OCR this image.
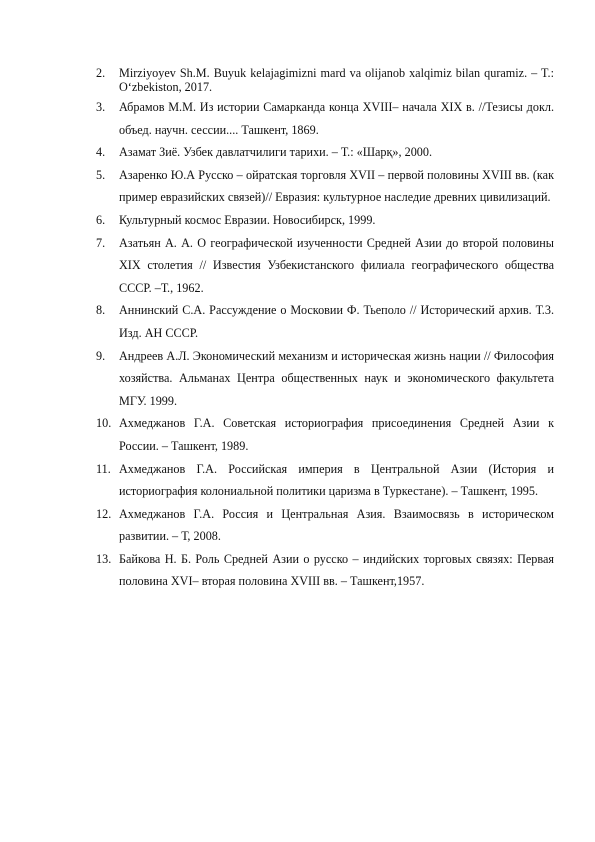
2. Mirziyoyev Sh.M. Buyuk kelajagimizni mard va olijanob xalqimiz bilan quramiz. – T.: O‘zbekiston, 2017.

3. Абрамов М.М. Из истории Самарканда конца XVIII– начала XIX в. //Тезисы докл. объед. научн. сессии.... Ташкент, 1869.

4. Азамат Зиё. Узбек давлатчилиги тарихи. – Т.: «Шарқ», 2000.

5. Азаренко Ю.А Русско – ойратская торговля XVII – первой половины XVIII вв. (как пример евразийских связей)// Евразия: культурное наследие древних цивилизаций.

6. Культурный космос Евразии. Новосибирск, 1999.

7. Азатьян А. А. О географической изученности Средней Азии до второй половины XIX столетия // Известия Узбекистанского филиала географического общества СССР. –Т., 1962.

8. Аннинский С.А. Рассуждение о Московии Ф. Тьеполо // Исторический архив. Т.3. Изд. АН СССР.

9. Андреев А.Л. Экономический механизм и историческая жизнь нации // Философия хозяйства. Альманах Центра общественных наук и экономического факультета МГУ. 1999.

10. Ахмеджанов Г.А. Советская историография присоединения Средней Азии к России. – Ташкент, 1989.

11. Ахмеджанов Г.А. Российская империя в Центральной Азии (История и историография колониальной политики царизма в Туркестане). – Ташкент, 1995.

12. Ахмеджанов Г.А. Россия и Центральная Азия. Взаимосвязь в историческом развитии. – Т, 2008.

13. Байкова Н. Б. Роль Средней Азии о русско – индийских торговых связях: Первая половина XVI– вторая половина XVIII вв. – Ташкент,1957.
